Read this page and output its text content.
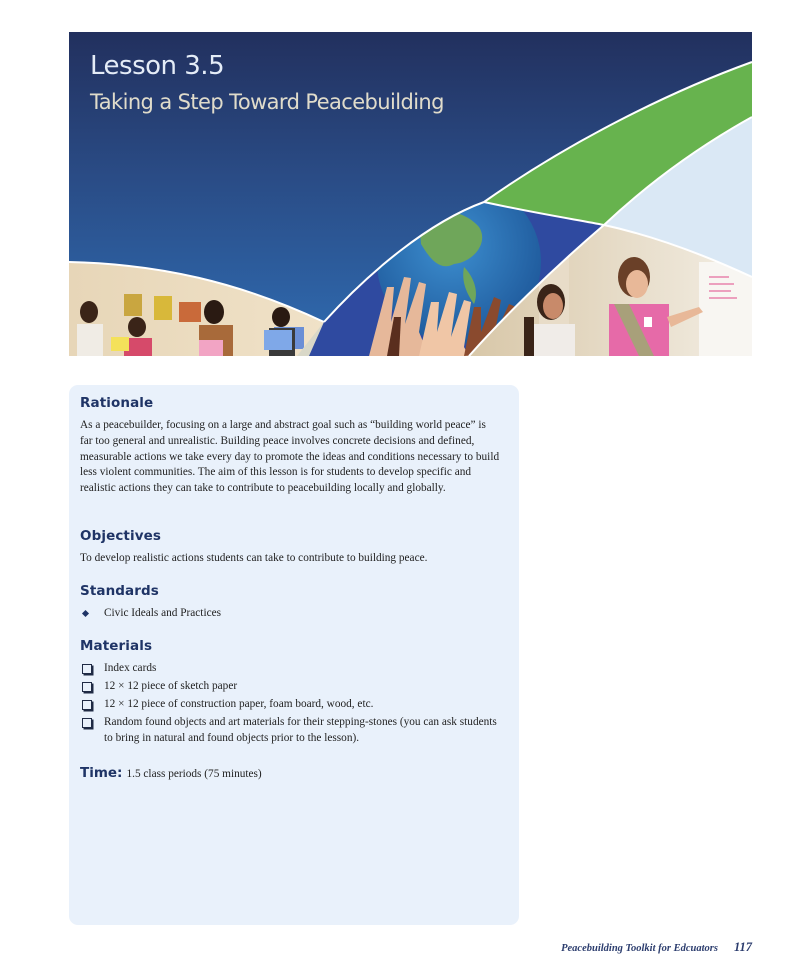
Lesson 3.5
Taking a Step Toward Peacebuilding
Rationale
As a peacebuilder, focusing on a large and abstract goal such as “building world peace” is far too general and unrealistic. Building peace involves concrete decisions and defined, measurable actions we take every day to promote the ideas and conditions necessary to build less violent communities. The aim of this lesson is for students to develop specific and realistic actions they can take to contribute to peacebuilding locally and globally.
Objectives
To develop realistic actions students can take to contribute to building peace.
Standards
Civic Ideals and Practices
Materials
Index cards
12 × 12 piece of sketch paper
12 × 12 piece of construction paper, foam board, wood, etc.
Random found objects and art materials for their stepping-stones (you can ask students to bring in natural and found objects prior to the lesson).
Time: 1.5 class periods (75 minutes)
Peacebuilding Toolkit for Edcuators 117
